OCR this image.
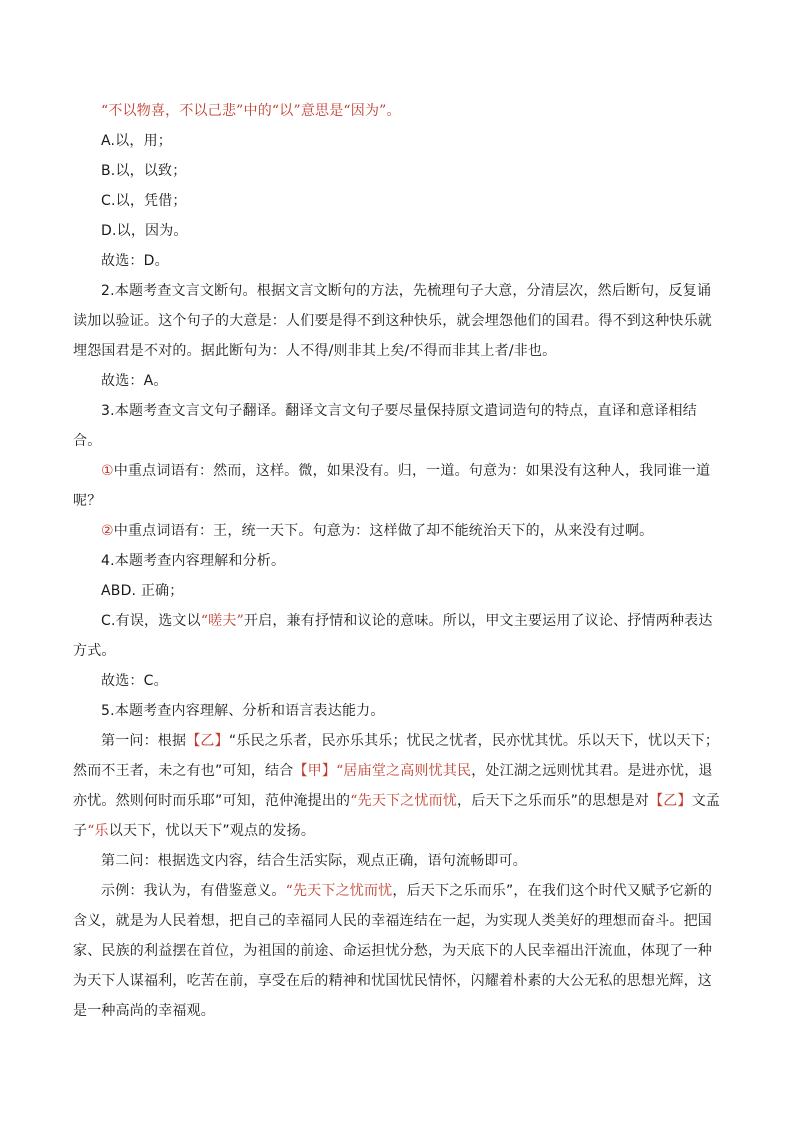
“不以物喜，不以己悲”中的“以”意思是“因为”。

A.以，用；

B.以，以致；

C.以，凭借；

D.以，因为。

故选：D。

2.本题考查文言文断句。根据文言文断句的方法，先梳理句子大意，分清层次，然后断句，反复诵读加以验证。这个句子的大意是：人们要是得不到这种快乐，就会埋怨他们的国君。得不到这种快乐就埋怨国君是不对的。据此断句为：人不得/则非其上矣/不得而非其上者/非也。

故选：A。

3.本题考查文言文句子翻译。翻译文言文句子要尽量保持原文遣词造句的特点，直译和意译相结合。

①中重点词语有：然而，这样。微，如果没有。归，一道。句意为：如果没有这种人，我同谁一道呢？

②中重点词语有：王，统一天下。句意为：这样做了却不能统治天下的，从来没有过啊。

4.本题考查内容理解和分析。

ABD. 正确；

C.有误，选文以“嗟夫”开启，兼有抒情和议论的意味。所以，甲文主要运用了议论、抒情两种表达方式。

故选：C。

5.本题考查内容理解、分析和语言表达能力。

第一问：根据【乙】“乐民之乐者，民亦乐其乐；忧民之忧者，民亦忧其忧。乐以天下，忧以天下；然而不王者，未之有也”可知，结合【甲】“居庙堂之高则忧其民，处江湖之远则忧其君。是进亦忧，退亦忧。然则何时而乐耶”可知，范仲淹提出的“先天下之忧而忧，后天下之乐而乐”的思想是对【乙】文孟子“乐以天下，忧以天下”观点的发扬。

第二问：根据选文内容，结合生活实际，观点正确，语句流畅即可。

示例：我认为，有借鉴意义。“先天下之忧而忧，后天下之乐而乐”，在我们这个时代又赋予它新的含义，就是为人民着想，把自己的幸福同人民的幸福连结在一起，为实现人类美好的理想而奋斗。把国家、民族的利益摆在首位，为祖国的前途、命运担忧分愁，为天底下的人民幸福出汗流血，体现了一种为天下人谋福利，吃苦在前，享受在后的精神和忧国忧民情怀，闪耀着朴素的大公无私的思想光辉，这是一种高尚的幸福观。
